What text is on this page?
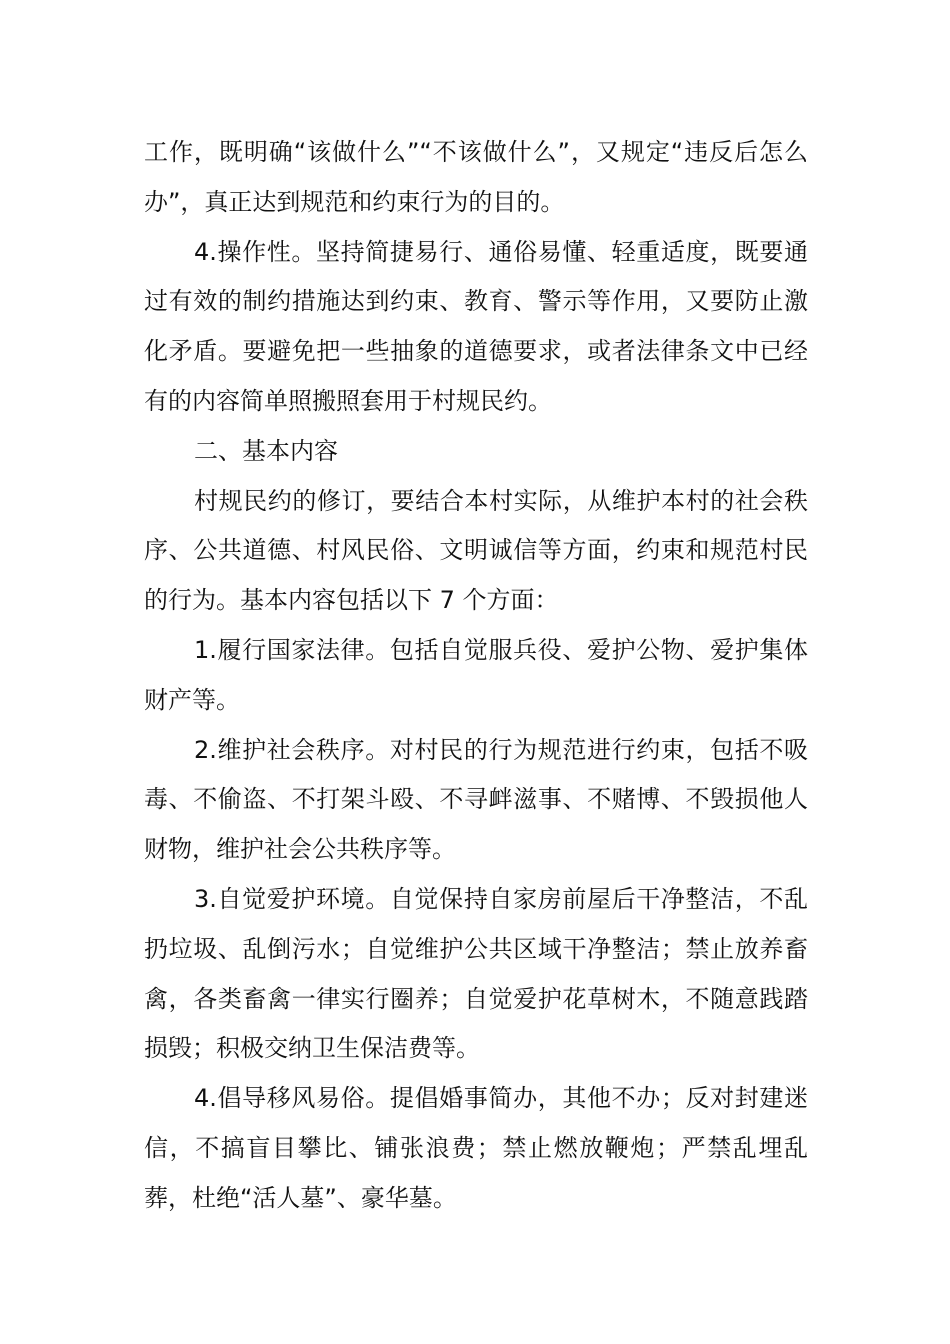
工作，既明确“该做什么”“不该做什么”，又规定“违反后怎么办”，真正达到规范和约束行为的目的。

4.操作性。坚持简捷易行、通俗易懂、轻重适度，既要通过有效的制约措施达到约束、教育、警示等作用，又要防止激化矛盾。要避免把一些抽象的道德要求，或者法律条文中已经有的内容简单照搬照套用于村规民约。

二、基本内容

村规民约的修订，要结合本村实际，从维护本村的社会秩序、公共道德、村风民俗、文明诚信等方面，约束和规范村民的行为。基本内容包括以下 7 个方面：

1.履行国家法律。包括自觉服兵役、爱护公物、爱护集体财产等。

2.维护社会秩序。对村民的行为规范进行约束，包括不吸毒、不偷盗、不打架斗殴、不寻衅滋事、不赌博、不毁损他人财物，维护社会公共秩序等。

3.自觉爱护环境。自觉保持自家房前屋后干净整洁，不乱扔垃圾、乱倒污水；自觉维护公共区域干净整洁；禁止放养畜禽，各类畜禽一律实行圈养；自觉爱护花草树木，不随意践踏损毁；积极交纳卫生保洁费等。

4.倡导移风易俗。提倡婚事简办，其他不办；反对封建迷信，不搞盲目攀比、铺张浪费；禁止燃放鞭炮；严禁乱埋乱葬，杜绝“活人墓”、豪华墓。
